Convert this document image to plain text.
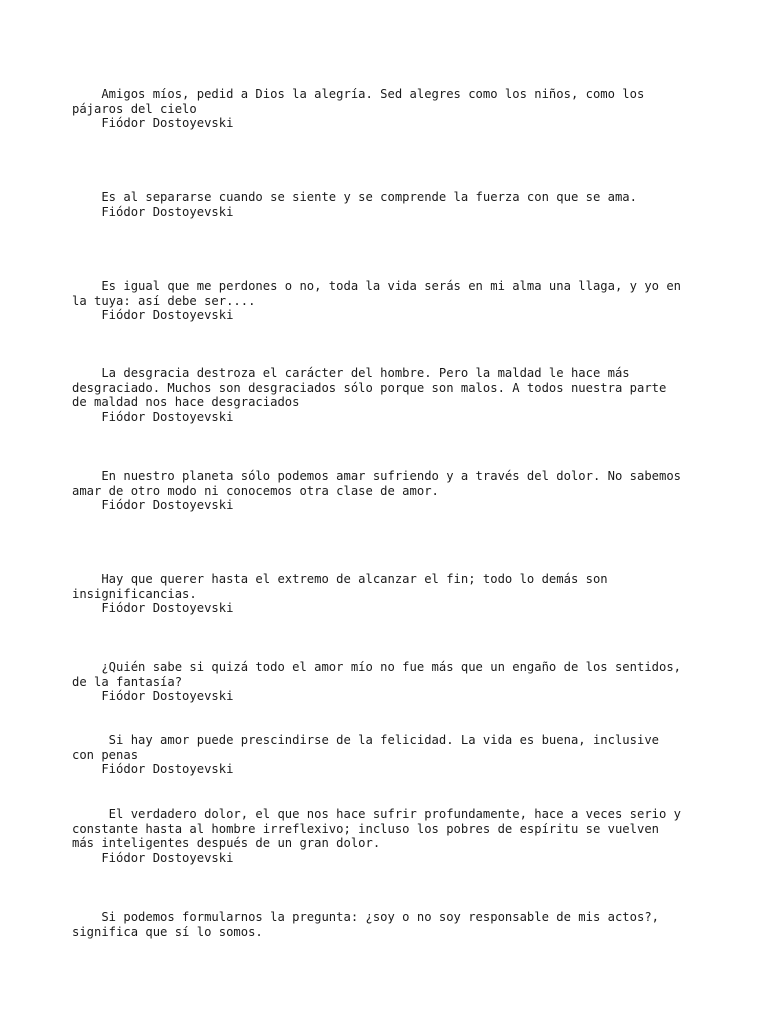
Amigos míos, pedid a Dios la alegría. Sed alegres como los niños, como los
pájaros del cielo
Fiódor Dostoyevski
Es al separarse cuando se siente y se comprende la fuerza con que se ama.
Fiódor Dostoyevski
Es igual que me perdones o no, toda la vida serás en mi alma una llaga, y yo en
la tuya: así debe ser....
Fiódor Dostoyevski
La desgracia destroza el carácter del hombre. Pero la maldad le hace más
desgraciado. Muchos son desgraciados sólo porque son malos. A todos nuestra parte
de maldad nos hace desgraciados
Fiódor Dostoyevski
En nuestro planeta sólo podemos amar sufriendo y a través del dolor. No sabemos
amar de otro modo ni conocemos otra clase de amor.
Fiódor Dostoyevski
Hay que querer hasta el extremo de alcanzar el fin; todo lo demás son
insignificancias.
Fiódor Dostoyevski
¿Quién sabe si quizá todo el amor mío no fue más que un engaño de los sentidos,
de la fantasía?
Fiódor Dostoyevski
Si hay amor puede prescindirse de la felicidad. La vida es buena, inclusive
con penas
Fiódor Dostoyevski
El verdadero dolor, el que nos hace sufrir profundamente, hace a veces serio y
constante hasta al hombre irreflexivo; incluso los pobres de espíritu se vuelven
más inteligentes después de un gran dolor.
Fiódor Dostoyevski
Si podemos formularnos la pregunta: ¿soy o no soy responsable de mis actos?,
significa que sí lo somos.
